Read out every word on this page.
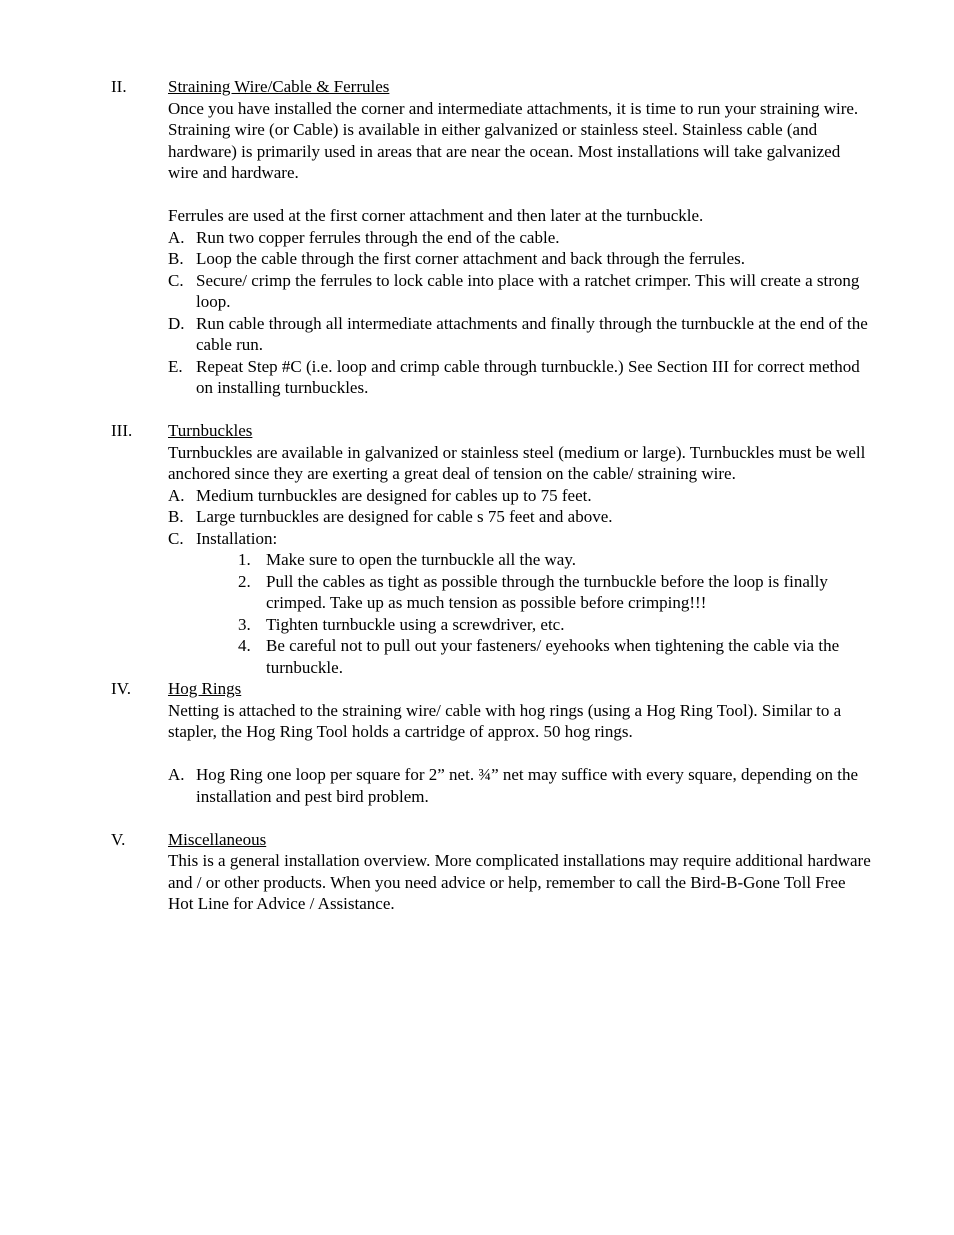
II. Straining Wire/Cable & Ferrules

Once you have installed the corner and intermediate attachments, it is time to run your straining wire. Straining wire (or Cable) is available in either galvanized or stainless steel. Stainless cable (and hardware) is primarily used in areas that are near the ocean. Most installations will take galvanized wire and hardware.

Ferrules are used at the first corner attachment and then later at the turnbuckle.

A. Run two copper ferrules through the end of the cable.
B. Loop the cable through the first corner attachment and back through the ferrules.
C. Secure/ crimp the ferrules to lock cable into place with a ratchet crimper. This will create a strong loop.
D. Run cable through all intermediate attachments and finally through the turnbuckle at the end of the cable run.
E. Repeat Step #C (i.e. loop and crimp cable through turnbuckle.) See Section III for correct method on installing turnbuckles.
III. Turnbuckles

Turnbuckles are available in galvanized or stainless steel (medium or large). Turnbuckles must be well anchored since they are exerting a great deal of tension on the cable/ straining wire.

A. Medium turnbuckles are designed for cables up to 75 feet.
B. Large turnbuckles are designed for cable s 75 feet and above.
C. Installation:
1. Make sure to open the turnbuckle all the way.
2. Pull the cables as tight as possible through the turnbuckle before the loop is finally crimped. Take up as much tension as possible before crimping!!!
3. Tighten turnbuckle using a screwdriver, etc.
4. Be careful not to pull out your fasteners/ eyehooks when tightening the cable via the turnbuckle.
IV. Hog Rings

Netting is attached to the straining wire/ cable with hog rings (using a Hog Ring Tool). Similar to a stapler, the Hog Ring Tool holds a cartridge of approx. 50 hog rings.

A. Hog Ring one loop per square for 2” net. ¾” net may suffice with every square, depending on the installation and pest bird problem.
V.	Miscellaneous

This is a general installation overview. More complicated installations may require additional hardware and / or other products. When you need advice or help, remember to call the Bird-B-Gone Toll Free Hot Line for Advice / Assistance.
